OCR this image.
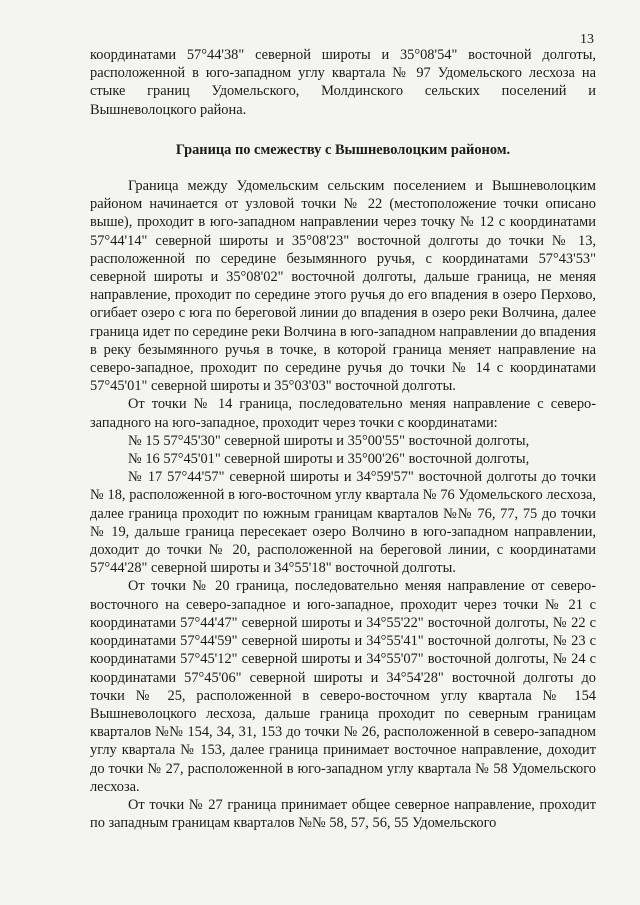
13

координатами 57°44'38" северной широты и 35°08'54" восточной долготы, расположенной в юго-западном углу квартала № 97 Удомельского лесхоза на стыке границ Удомельского, Молдинского сельских поселений и Вышневолоцкого района.

Граница по смежеству с Вышневолоцким районом.

Граница между Удомельским сельским поселением и Вышневолоцким районом начинается от узловой точки № 22 (местоположение точки описано выше), проходит в юго-западном направлении через точку № 12 с координатами 57°44'14" северной широты и 35°08'23" восточной долготы до точки № 13, расположенной по середине безымянного ручья, с координатами 57°43'53" северной широты и 35°08'02" восточной долготы, дальше граница, не меняя направление, проходит по середине этого ручья до его впадения в озеро Перхово, огибает озеро с юга по береговой линии до впадения в озеро реки Волчина, далее граница идет по середине реки Волчина в юго-западном направлении до впадения в реку безымянного ручья в точке, в которой граница меняет направление на северо-западное, проходит по середине ручья до точки № 14 с координатами 57°45'01" северной широты и 35°03'03" восточной долготы.

От точки № 14 граница, последовательно меняя направление с северо-западного на юго-западное, проходит через точки с координатами:

№ 15 57°45'30" северной широты и 35°00'55" восточной долготы,

№ 16 57°45'01" северной широты и 35°00'26" восточной долготы,

№ 17 57°44'57" северной широты и 34°59'57" восточной долготы до точки № 18, расположенной в юго-восточном углу квартала № 76 Удомельского лесхоза, далее граница проходит по южным границам кварталов №№ 76, 77, 75 до точки № 19, дальше граница пересекает озеро Волчино в юго-западном направлении, доходит до точки № 20, расположенной на береговой линии, с координатами 57°44'28" северной широты и 34°55'18" восточной долготы.

От точки № 20 граница, последовательно меняя направление от северо-восточного на северо-западное и юго-западное, проходит через точки № 21 с координатами 57°44'47" северной широты и 34°55'22" восточной долготы, № 22 с координатами 57°44'59" северной широты и 34°55'41" восточной долготы, № 23 с координатами 57°45'12" северной широты и 34°55'07" восточной долготы, № 24 с координатами 57°45'06" северной широты и 34°54'28" восточной долготы до точки № 25, расположенной в северо-восточном углу квартала № 154 Вышневолоцкого лесхоза, дальше граница проходит по северным границам кварталов №№ 154, 34, 31, 153 до точки № 26, расположенной в северо-западном углу квартала № 153, далее граница принимает восточное направление, доходит до точки № 27, расположенной в юго-западном углу квартала № 58 Удомельского лесхоза.

От точки № 27 граница принимает общее северное направление, проходит по западным границам кварталов №№ 58, 57, 56, 55 Удомельского
